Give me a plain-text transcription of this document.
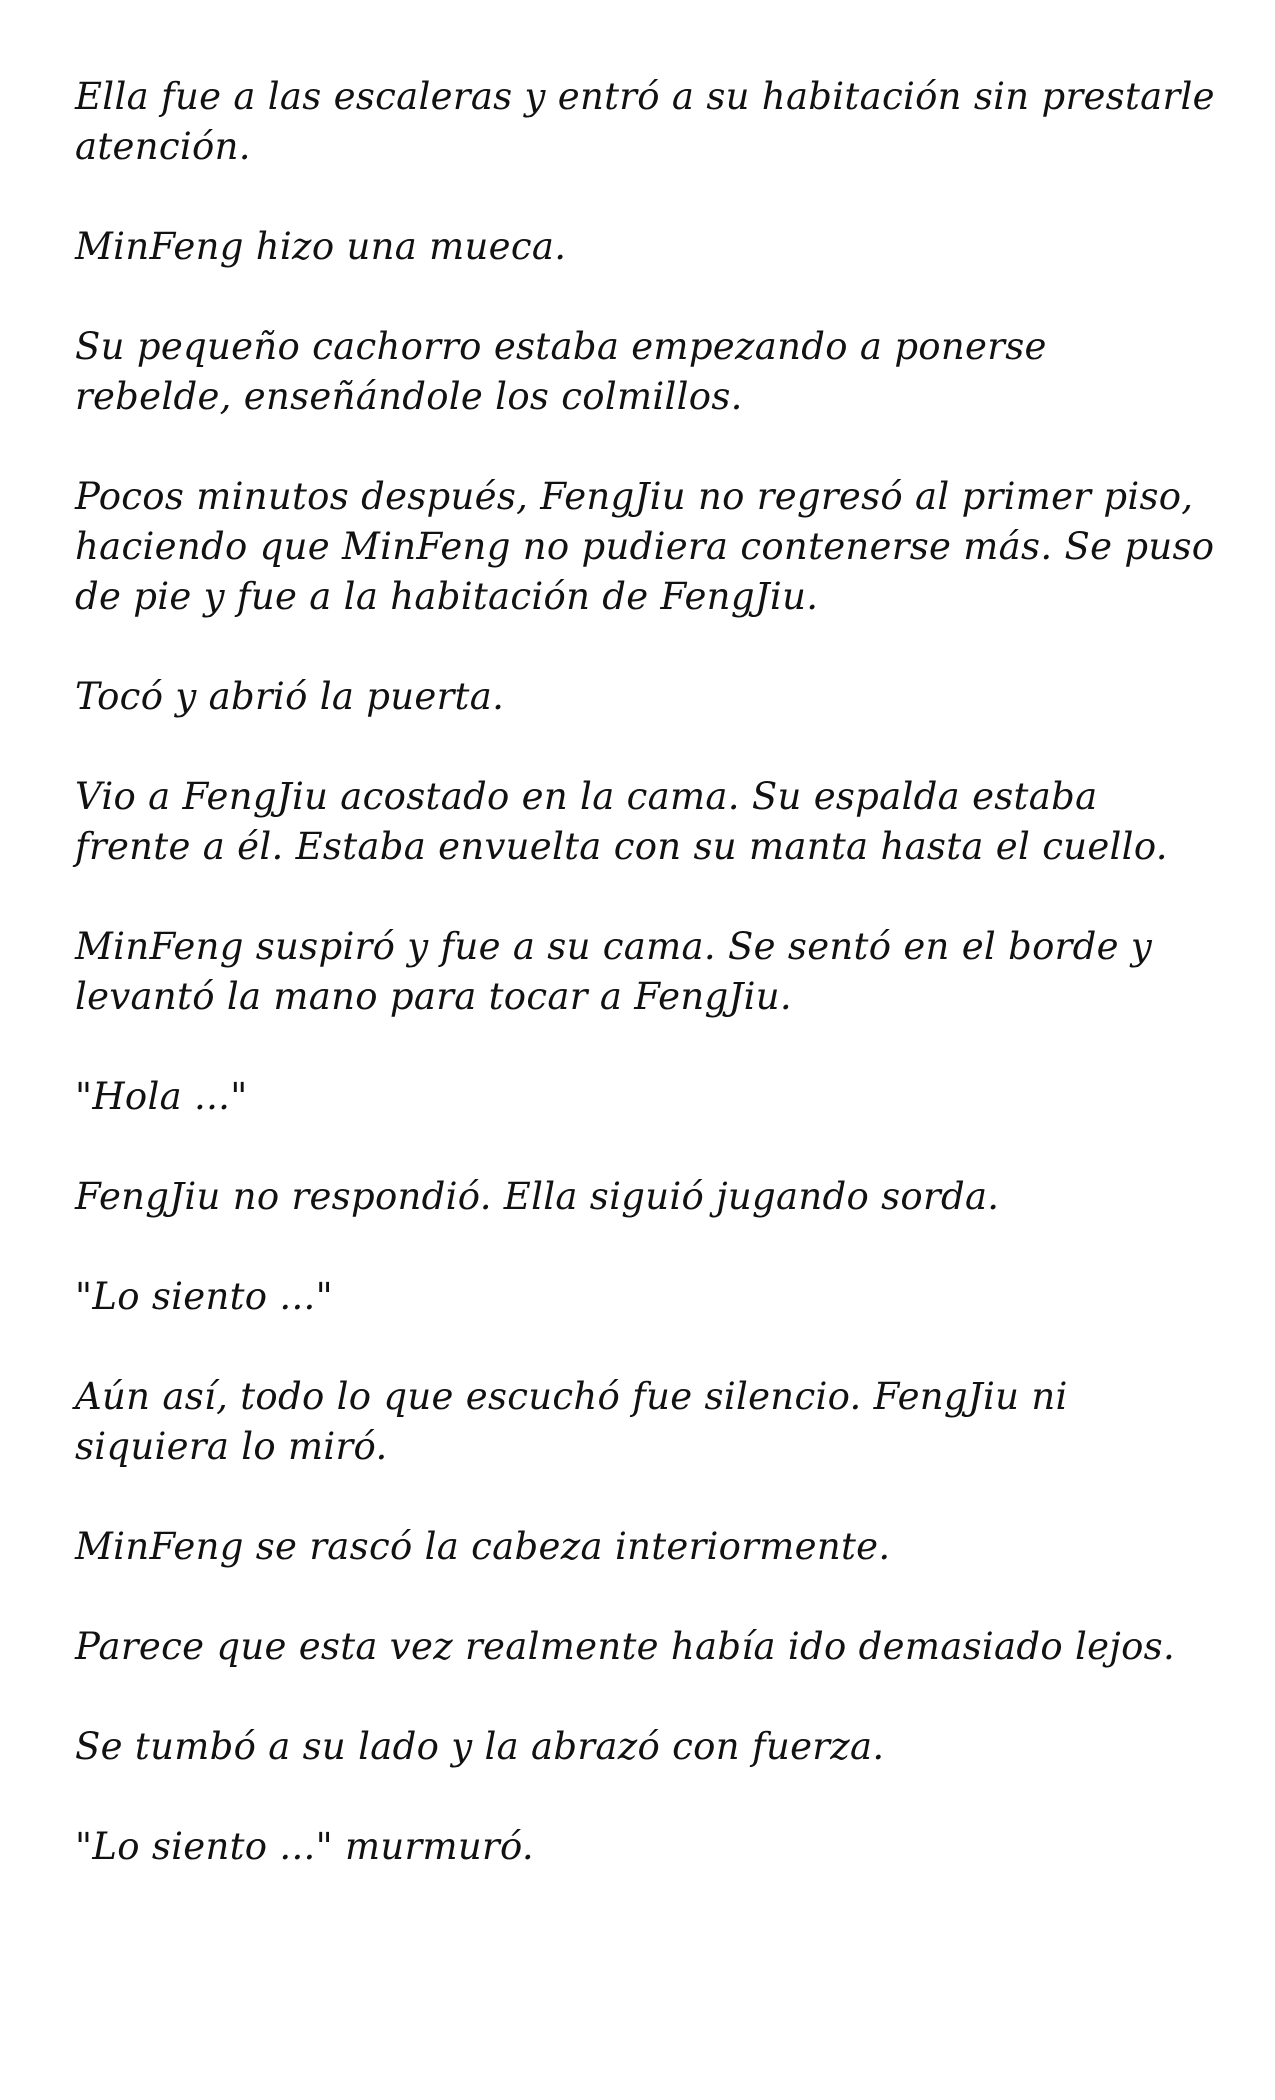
Ella fue a las escaleras y entró a su habitación sin prestarle atención.

MinFeng hizo una mueca.

Su pequeño cachorro estaba empezando a ponerse rebelde, enseñándole los colmillos.

Pocos minutos después, FengJiu no regresó al primer piso, haciendo que MinFeng no pudiera contenerse más. Se puso de pie y fue a la habitación de FengJiu.

Tocó y abrió la puerta.

Vio a FengJiu acostado en la cama. Su espalda estaba frente a él. Estaba envuelta con su manta hasta el cuello.

MinFeng suspiró y fue a su cama. Se sentó en el borde y levantó la mano para tocar a FengJiu.

"Hola ..."

FengJiu no respondió. Ella siguió jugando sorda.

"Lo siento ..."

Aún así, todo lo que escuchó fue silencio. FengJiu ni siquiera lo miró.

MinFeng se rascó la cabeza interiormente.

Parece que esta vez realmente había ido demasiado lejos.

Se tumbó a su lado y la abrazó con fuerza.

"Lo siento ..." murmuró.
